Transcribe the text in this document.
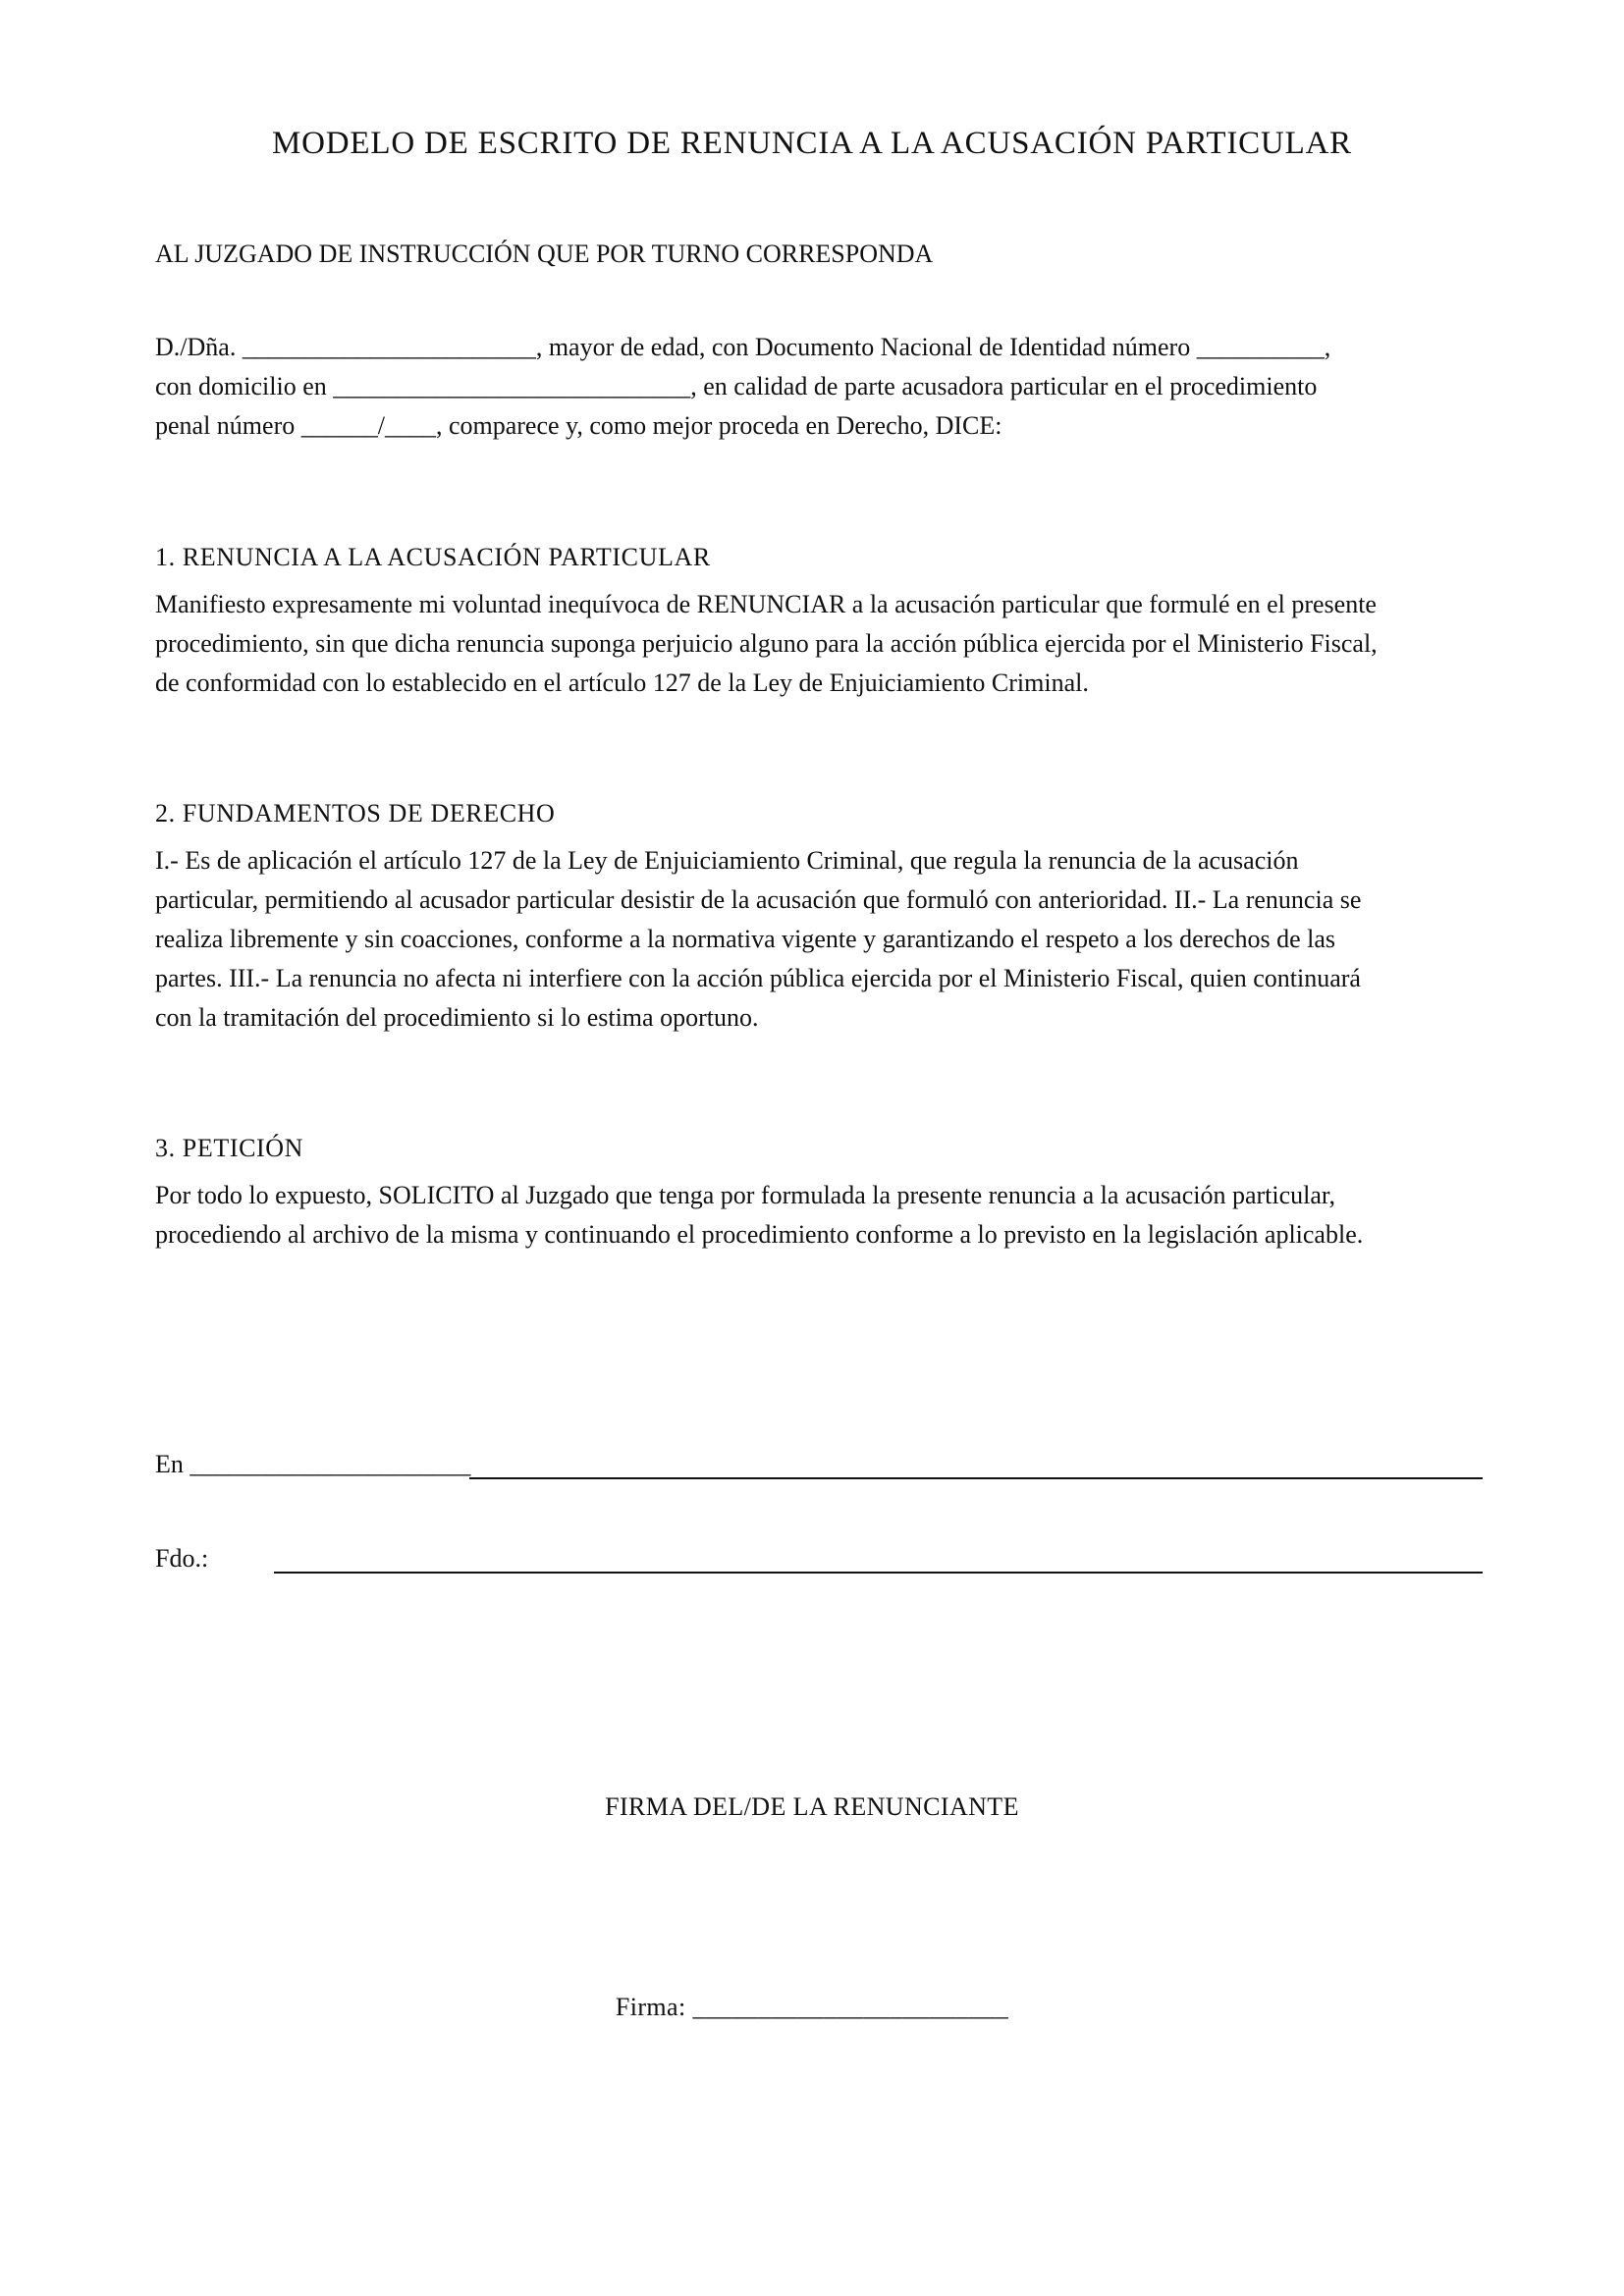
MODELO DE ESCRITO DE RENUNCIA A LA ACUSACIÓN PARTICULAR
AL JUZGADO DE INSTRUCCIÓN QUE POR TURNO CORRESPONDA
D./Dña. _______________________, mayor de edad, con Documento Nacional de Identidad número __________,
con domicilio en ____________________________, en calidad de parte acusadora particular en el procedimiento
penal número ______/____, comparece y, como mejor proceda en Derecho, DICE:
1. RENUNCIA A LA ACUSACIÓN PARTICULAR
Manifiesto expresamente mi voluntad inequívoca de RENUNCIAR a la acusación particular que formulé en el presente
procedimiento, sin que dicha renuncia suponga perjuicio alguno para la acción pública ejercida por el Ministerio Fiscal,
de conformidad con lo establecido en el artículo 127 de la Ley de Enjuiciamiento Criminal.
2. FUNDAMENTOS DE DERECHO
I.- Es de aplicación el artículo 127 de la Ley de Enjuiciamiento Criminal, que regula la renuncia de la acusación
particular, permitiendo al acusador particular desistir de la acusación que formuló con anterioridad. II.- La renuncia se
realiza libremente y sin coacciones, conforme a la normativa vigente y garantizando el respeto a los derechos de las
partes. III.- La renuncia no afecta ni interfiere con la acción pública ejercida por el Ministerio Fiscal, quien continuará
con la tramitación del procedimiento si lo estima oportuno.
3. PETICIÓN
Por todo lo expuesto, SOLICITO al Juzgado que tenga por formulada la presente renuncia a la acusación particular,
procediendo al archivo de la misma y continuando el procedimiento conforme a lo previsto en la legislación aplicable.
En ______________________
Fdo.:
FIRMA DEL/DE LA RENUNCIANTE
Firma: ________________________
